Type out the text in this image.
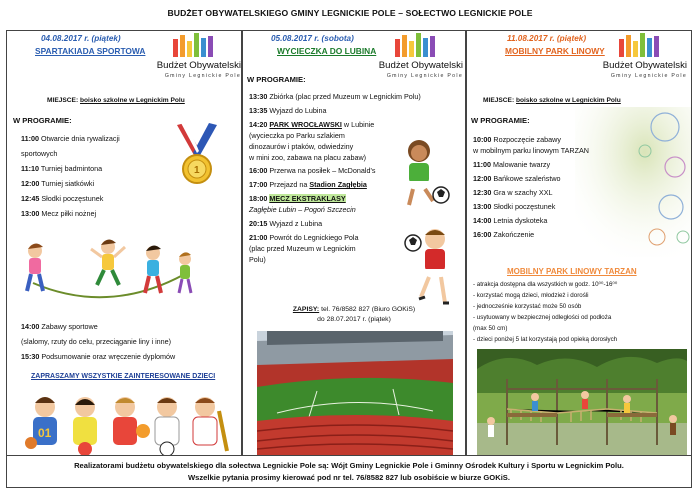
BUDŻET OBYWATELSKIEGO GMINY LEGNICKIE POLE – SOŁECTWO LEGNICKIE POLE
04.08.2017 r. (piątek)
SPARTAKIADA SPORTOWA
Budżet Obywatelski
Gminy Legnickie Pole
MIEJSCE: boisko szkolne w Legnickim Polu
W PROGRAMIE:
11:00 Otwarcie dnia rywalizacji
sportowych
11:10 Turniej badmintona
12:00 Turniej siatkówki
12:45 Słodki poczęstunek
13:00 Mecz piłki nożnej
1
14:00 Zabawy sportowe
(slalomy, rzuty do celu, przeciąganie liny i inne)
15:30 Podsumowanie oraz wręczenie dyplomów
ZAPRASZAMY WSZYSTKIE ZAINTERESOWANE DZIECI
01
05.08.2017 r. (sobota)
WYCIECZKA DO LUBINA
Budżet Obywatelski
Gminy Legnickie Pole
W PROGRAMIE:
13:30 Zbiórka (plac przed Muzeum w Legnickim Polu)
13:35 Wyjazd do Lubina
14:20 PARK WROCŁAWSKI w Lubinie
(wycieczka po Parku szlakiem
dinozaurów i ptaków, odwiedziny
w mini zoo, zabawa na placu zabaw)
16:00 Przerwa na posiłek – McDonald's
17:00 Przejazd na Stadion Zagłębia
18:00 MECZ EKSTRAKLASY
Zagłębie Lubin – Pogoń Szczecin
20:15 Wyjazd z Lubina
21:00 Powrót do Legnickiego Pola
(plac przed Muzeum w Legnickim
Polu)
ZAPISY: tel. 76/8582 827 (Biuro GOKiS)
do 28.07.2017 r. (piątek)
11.08.2017 r. (piątek)
MOBILNY PARK LINOWY
Budżet Obywatelski
Gminy Legnickie Pole
MIEJSCE: boisko szkolne w Legnickim Polu
W PROGRAMIE:
10:00 Rozpoczęcie zabawy
w mobilnym parku linowym TARZAN
11:00 Malowanie twarzy
12:00 Bańkowe szaleństwo
12:30 Gra w szachy XXL
13:00 Słodki poczęstunek
14:00 Letnia dyskoteka
16:00 Zakończenie
MOBILNY PARK LINOWY TARZAN
- atrakcja dostępna dla wszystkich w godz. 10⁰⁰-16⁰⁰
- korzystać mogą dzieci, młodzież i dorośli
- jednocześnie korzystać może 50 osób
- usytuowany w bezpiecznej odległości od podłoża
(max 50 cm)
- dzieci poniżej 5 lat korzystają pod opieką dorosłych
Realizatorami budżetu obywatelskiego dla sołectwa Legnickie Pole są: Wójt Gminy Legnickie Pole i Gminny Ośrodek Kultury i Sportu w Legnickim Polu.
Wszelkie pytania prosimy kierować pod nr tel. 76/8582 827 lub osobiście w biurze GOKiS.
